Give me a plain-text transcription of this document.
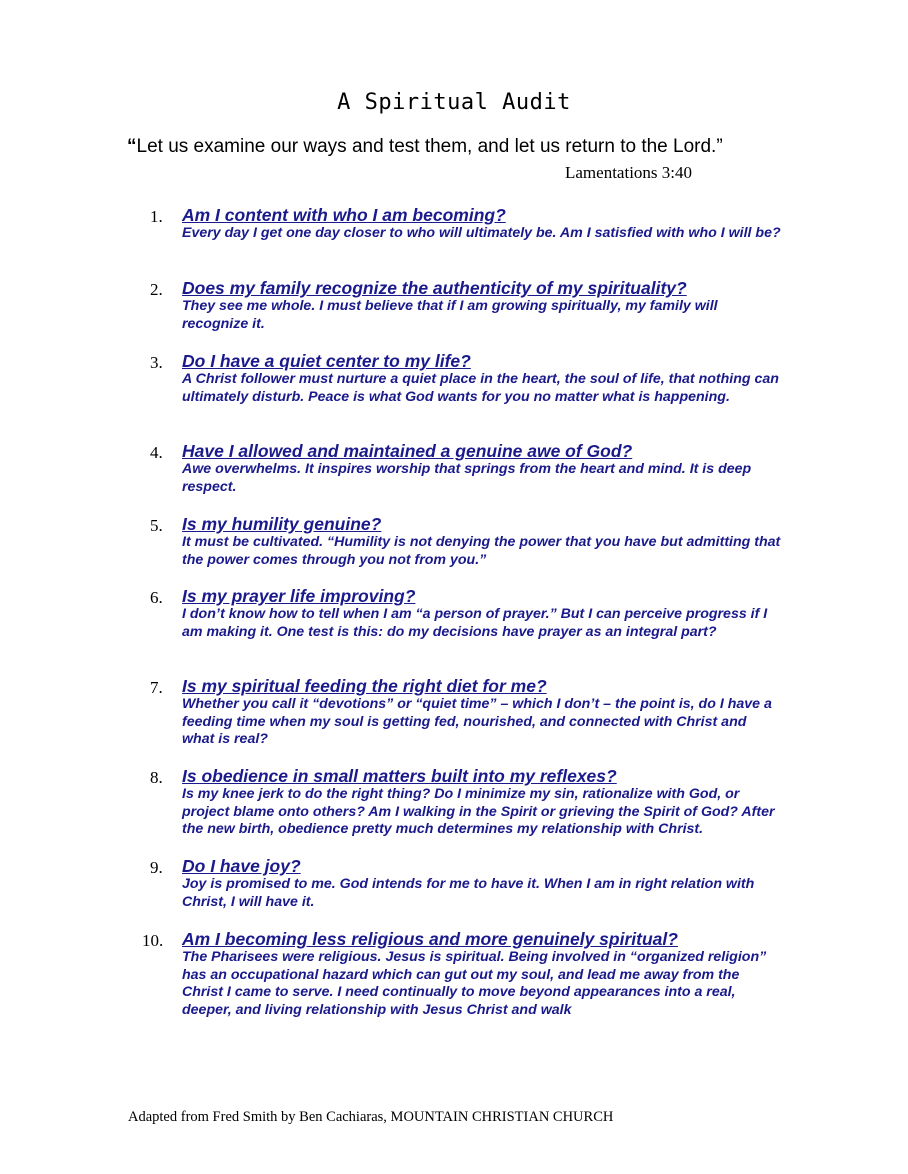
A Spiritual Audit
“Let us examine our ways and test them, and let us return to the Lord.”
Lamentations 3:40
1.	Am I content with who I am becoming?
Every day I get one day closer to who will ultimately be. Am I satisfied with who I will be?
2.	Does my family recognize the authenticity of my spirituality?
They see me whole. I must believe that if I am growing spiritually, my family will recognize it.
3.	Do I have a quiet center to my life?
A Christ follower must nurture a quiet place in the heart, the soul of life, that nothing can ultimately disturb. Peace is what God wants for you no matter what is happening.
4.	Have I allowed and maintained a genuine awe of God?
Awe overwhelms. It inspires worship that springs from the heart and mind. It is deep respect.
5.	Is my humility genuine?
It must be cultivated. “Humility is not denying the power that you have but admitting that the power comes through you not from you.”
6.	Is my prayer life improving?
I don’t know how to tell when I am “a person of prayer.” But I can perceive progress if I am making it. One test is this: do my decisions have prayer as an integral part?
7.	Is my spiritual feeding the right diet for me?
Whether you call it “devotions” or “quiet time” – which I don’t – the point is, do I have a feeding time when my soul is getting fed, nourished, and connected with Christ and what is real?
8.	Is obedience in small matters built into my reflexes?
Is my knee jerk to do the right thing? Do I minimize my sin, rationalize with God, or project blame onto others? Am I walking in the Spirit or grieving the Spirit of God? After the new birth, obedience pretty much determines my relationship with Christ.
9.	Do I have joy?
Joy is promised to me. God intends for me to have it. When I am in right relation with Christ, I will have it.
10.	Am I becoming less religious and more genuinely spiritual?
The Pharisees were religious. Jesus is spiritual. Being involved in “organized religion” has an occupational hazard which can gut out my soul, and lead me away from the Christ I came to serve. I need continually to move beyond appearances into a real, deeper, and living relationship with Jesus Christ and walk
Adapted from Fred Smith by Ben Cachiaras, MOUNTAIN CHRISTIAN CHURCH
